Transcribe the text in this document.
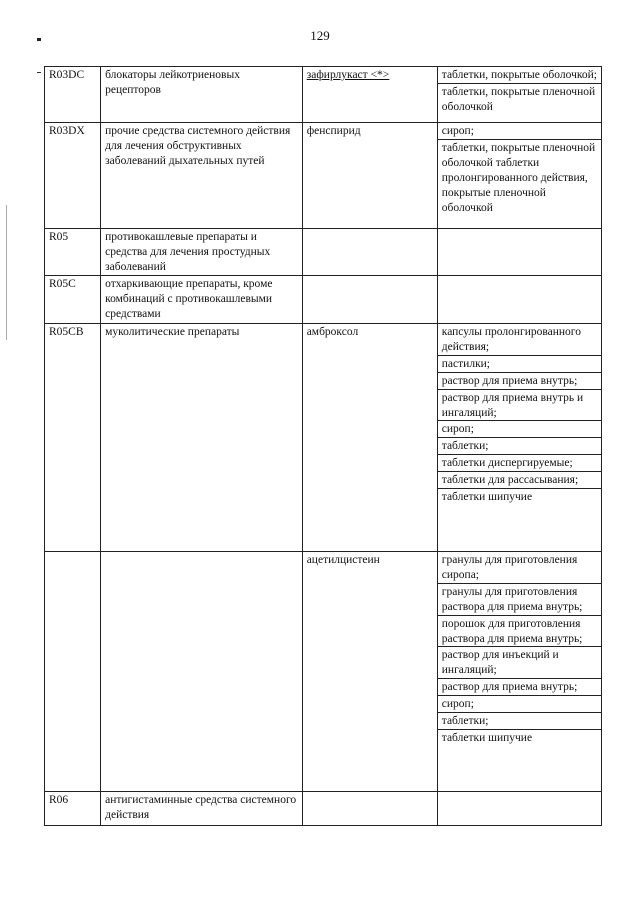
129
R03DC	блокаторы лейкотриеновых рецепторов	зафирлукаст <*>		таблетки, покрытые оболочкой;
таблетки, покрытые пленочной оболочкой

R03DX	прочие средства системного действия для лечения обструктивных заболеваний дыхательных путей	фенспирид		сироп;
таблетки, покрытые пленочной оболочкой таблетки пролонгированного действия, покрытые пленочной оболочкой

R05	противокашлевые препараты и средства для лечения простудных заболеваний		
R05C	отхаркивающие препараты, кроме комбинаций с противокашлевыми средствами		
R05CB	муколитические препараты	амброксол		капсулы пролонгированного действия;
пастилки;
раствор для приема внутрь;
раствор для приема внутрь и ингаляций;
сироп;
таблетки;
таблетки диспергируемые;
таблетки для рассасывания;
таблетки шипучие

		ацетилцистеин		гранулы для приготовления сиропа;
гранулы для приготовления раствора для приема внутрь;
порошок для приготовления раствора для приема внутрь;
раствор для инъекций и ингаляций;
раствор для приема внутрь;
сироп;
таблетки;
таблетки шипучие

R06	антигистаминные средства системного действия		
